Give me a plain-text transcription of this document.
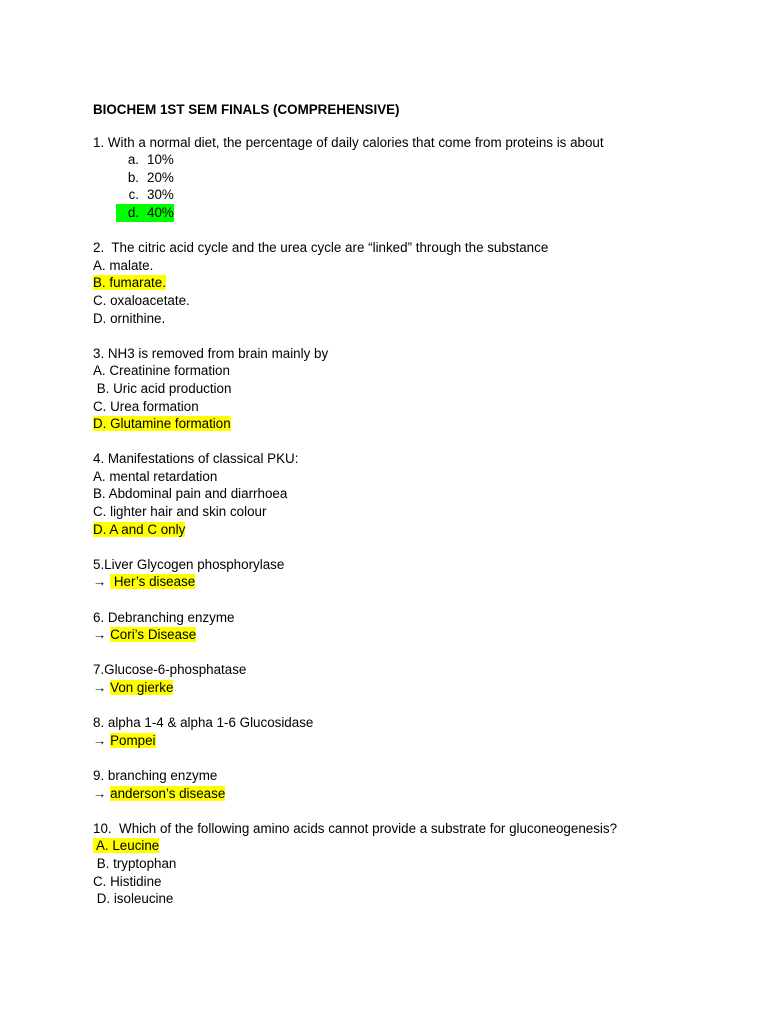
BIOCHEM 1ST SEM FINALS (COMPREHENSIVE)
1. With a normal diet, the percentage of daily calories that come from proteins is about
a. 10%
b. 20%
c. 30%
d. 40%
2.  The citric acid cycle and the urea cycle are “linked” through the substance
A. malate.
B. fumarate.
C. oxaloacetate.
D. ornithine.
3. NH3 is removed from brain mainly by
A. Creatinine formation
B. Uric acid production
C. Urea formation
D. Glutamine formation
4. Manifestations of classical PKU:
A. mental retardation
B. Abdominal pain and diarrhoea
C. lighter hair and skin colour
D. A and C only
5.Liver Glycogen phosphorylase
→  Her’s disease
6. Debranching enzyme
→ Cori’s Disease
7.Glucose-6-phosphatase
→ Von gierke
8. alpha 1-4 & alpha 1-6 Glucosidase
→ Pompei
9. branching enzyme
→ anderson’s disease
10.  Which of the following amino acids cannot provide a substrate for gluconeogenesis?
A. Leucine
B. tryptophan
C. Histidine
D. isoleucine
